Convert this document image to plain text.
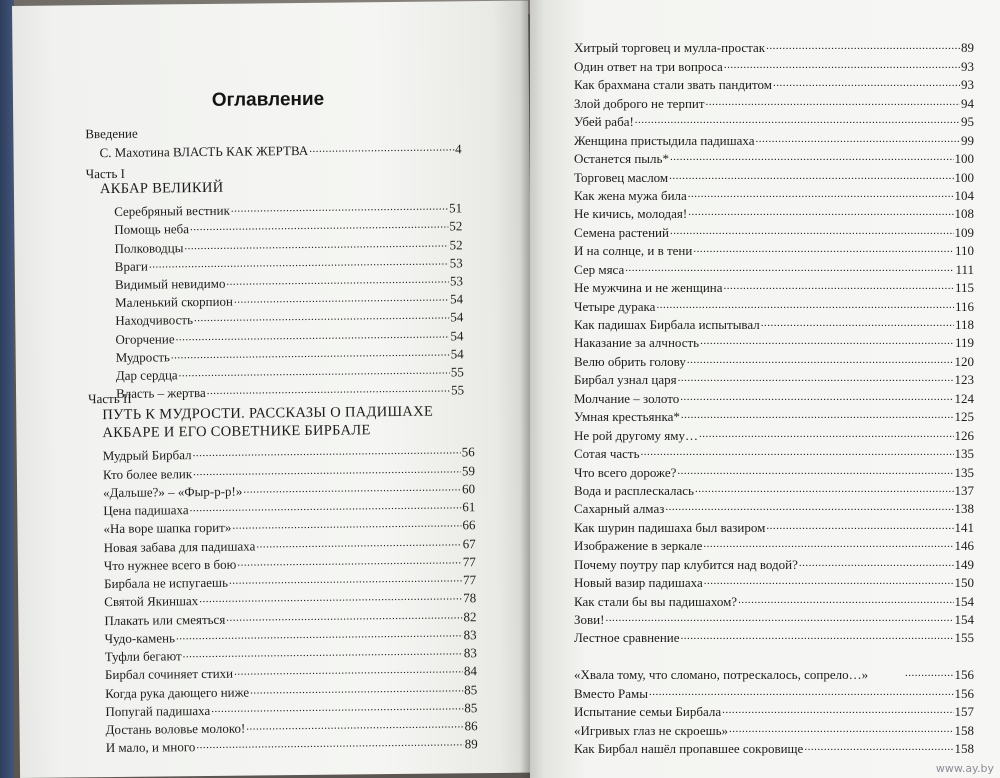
Оглавление
Введение
С. Махотина ВЛАСТЬ КАК ЖЕРТВА .....	4
Часть I
АКБАР ВЕЛИКИЙ
Серебряный вестник .....	51
Помощь неба .....	52
Полководцы .....	52
Враги .....	53
Видимый невидимо .....	53
Маленький скорпион .....	54
Находчивость .....	54
Огорчение .....	54
Мудрость .....	54
Дар сердца .....	55
Власть – жертва .....	55
Часть II
ПУТЬ К МУДРОСТИ. РАССКАЗЫ О ПАДИШАХЕ
АКБАРЕ И ЕГО СОВЕТНИКЕ БИРБАЛЕ
Мудрый Бирбал .....	56
Кто более велик .....	59
«Дальше?» – «Фыр-р-р!» .....	60
Цена падишаха .....	61
«На воре шапка горит» .....	66
Новая забава для падишаха .....	67
Что нужнее всего в бою .....	77
Бирбала не испугаешь .....	77
Святой Якиншах .....	78
Плакать или смеяться .....	82
Чудо-камень .....	83
Туфли бегают .....	83
Бирбал сочиняет стихи .....	84
Когда рука дающего ниже .....	85
Попугай падишаха .....	85
Достань воловье молоко! .....	86
И мало, и много .....	89
Хитрый торговец и мулла-простак .....	89
Один ответ на три вопроса .....	93
Как брахмана стали звать пандитом .....	93
Злой доброго не терпит .....	94
Убей раба! .....	95
Женщина пристыдила падишаха .....	99
Останется пыль* .....	100
Торговец маслом .....	100
Как жена мужа била .....	104
Не кичись, молодая! .....	108
Семена растений .....	109
И на солнце, и в тени .....	110
Сер мяса .....	111
Не мужчина и не женщина .....	115
Четыре дурака .....	116
Как падишах Бирбала испытывал .....	118
Наказание за алчность .....	119
Велю обрить голову .....	120
Бирбал узнал царя .....	123
Молчание – золото .....	124
Умная крестьянка* .....	125
Не рой другому яму… .....	126
Сотая часть .....	135
Что всего дороже? .....	135
Вода и расплескалась .....	137
Сахарный алмаз .....	138
Как шурин падишаха был вазиром .....	141
Изображение в зеркале .....	146
Почему поутру пар клубится над водой? .....	149
Новый вазир падишаха .....	150
Как стали бы вы падишахом? .....	154
Зови! .....	154
Лестное сравнение .....	155
«Хвала тому, что сломано, потрескалось, сопрело…» .....	156
Вместо Рамы .....	156
Испытание семьи Бирбала .....	157
«Игривых глаз не скроешь» .....	158
Как Бирбал нашёл пропавшее сокровище .....	158
www.ay.by
